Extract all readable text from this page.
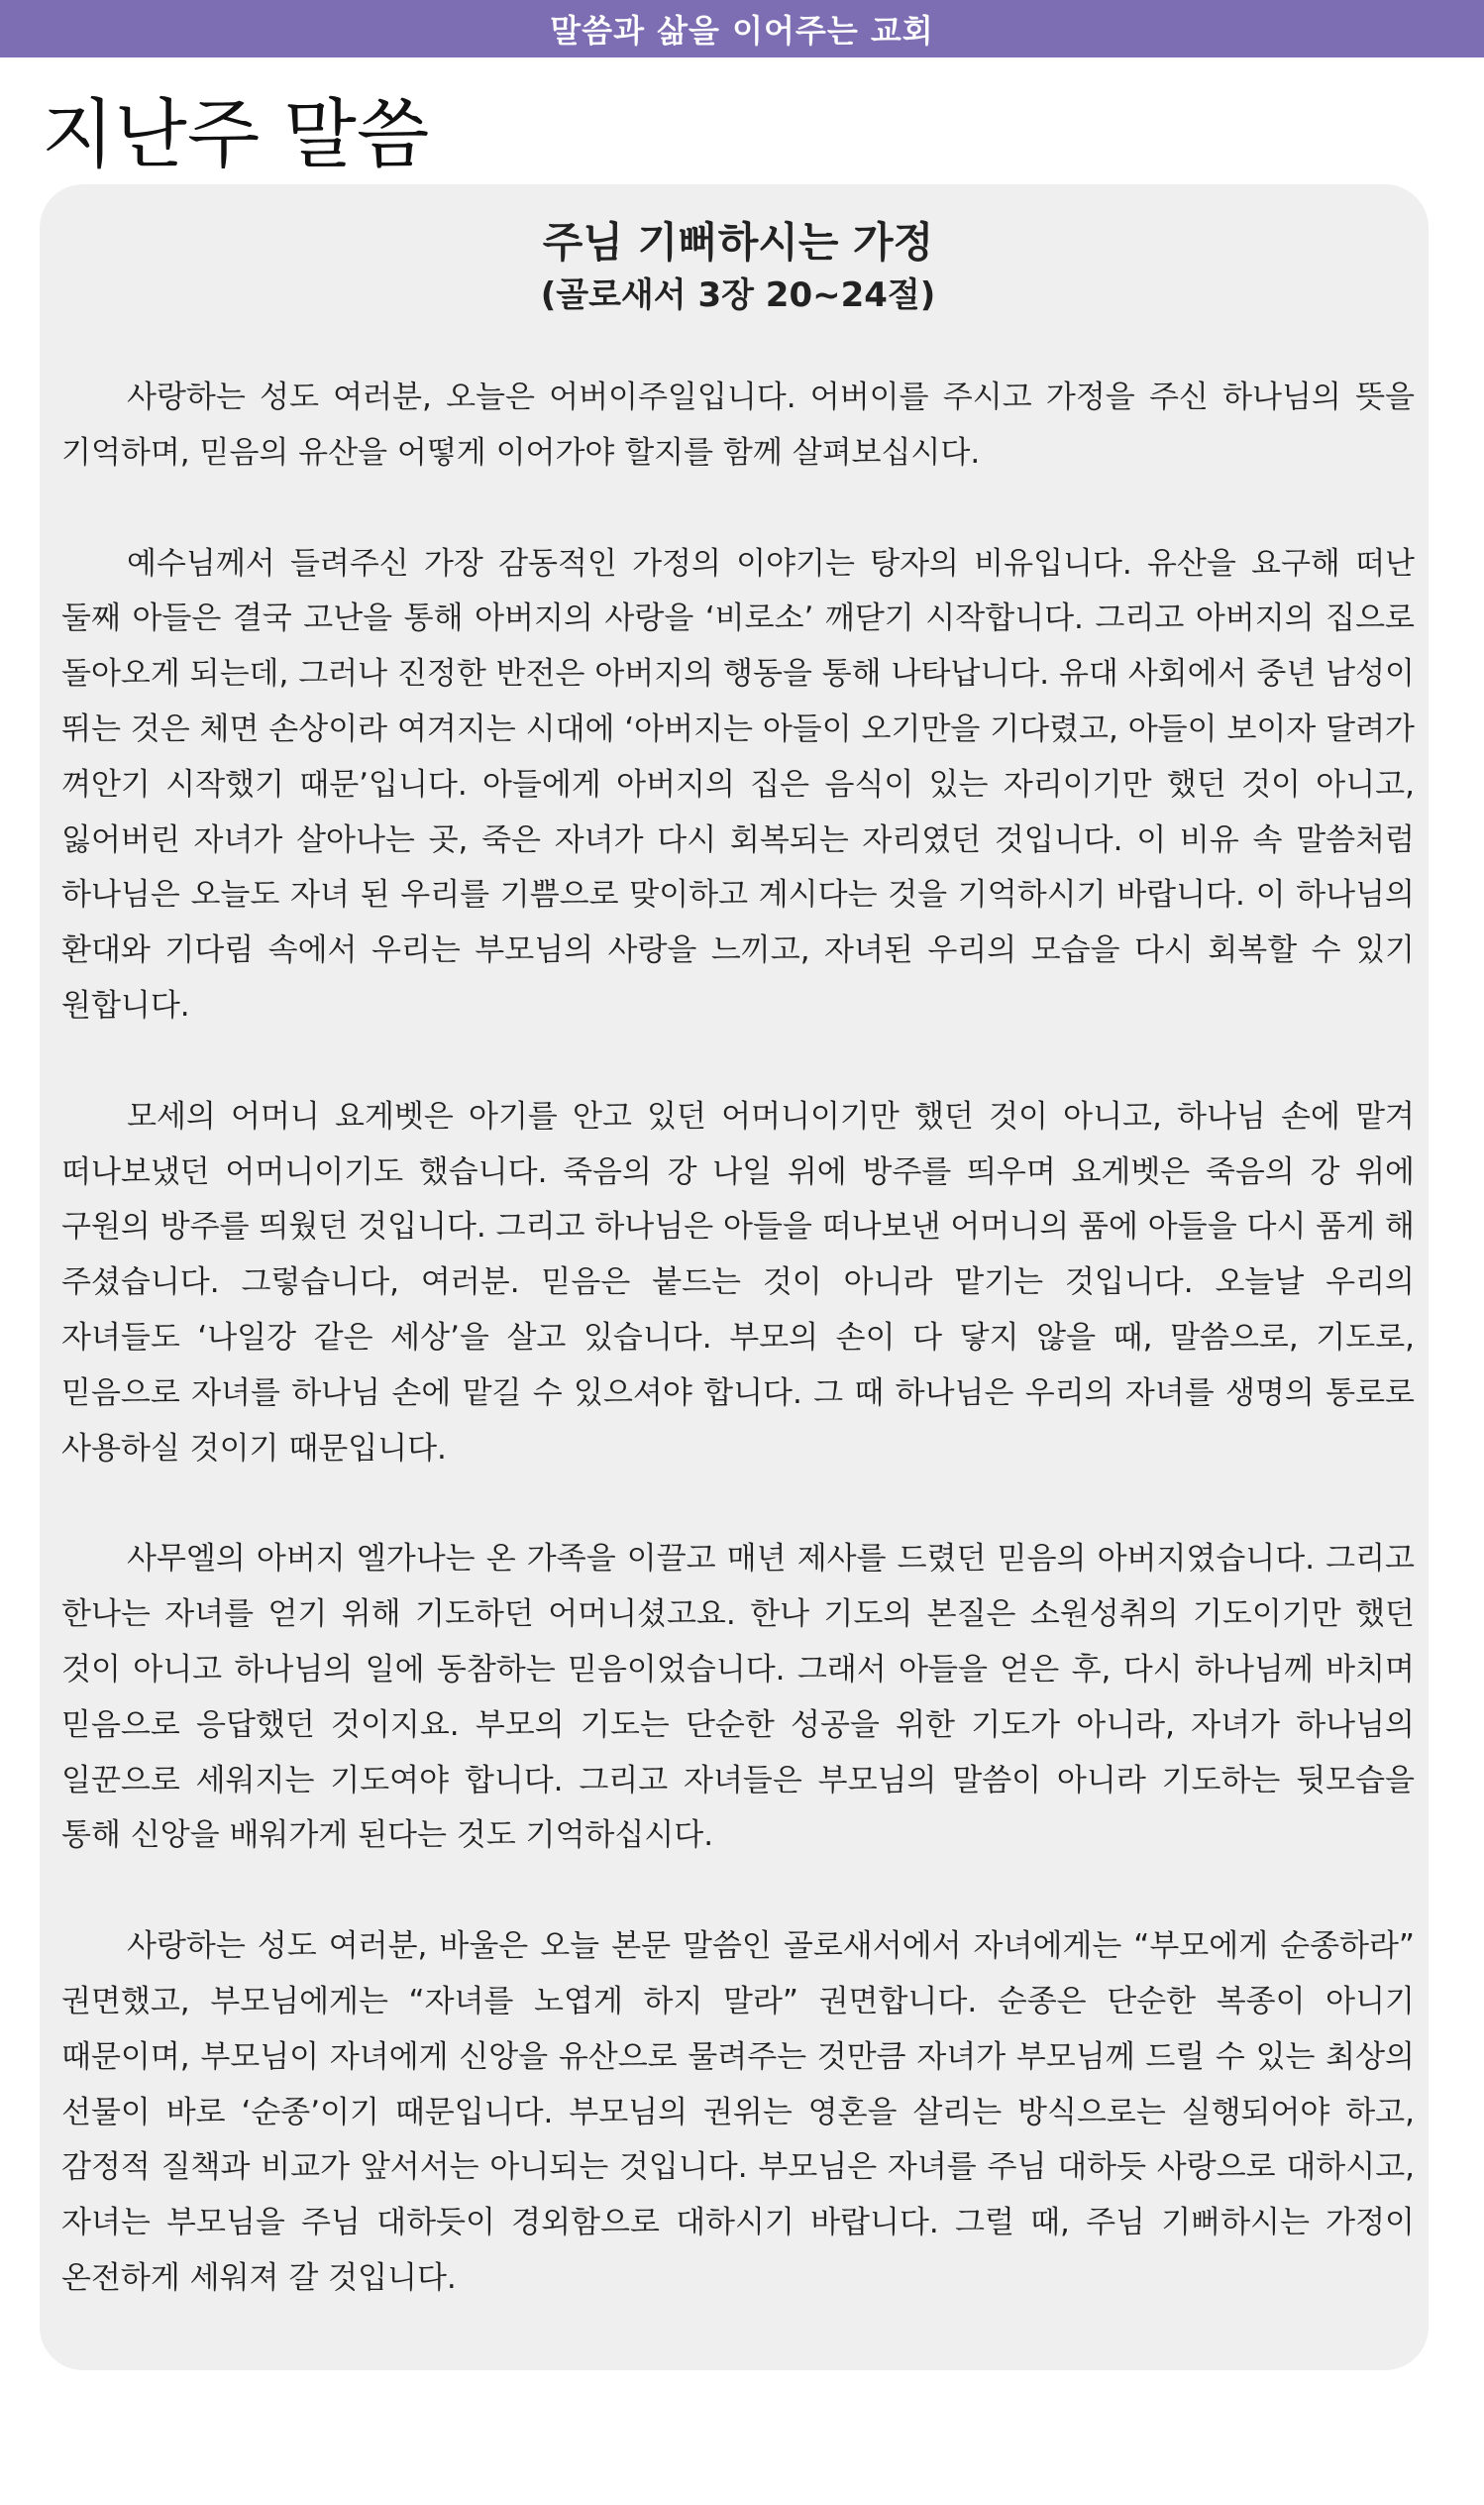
말씀과 삶을 이어주는 교회
지난주 말씀
주님 기뻐하시는 가정
(골로새서 3장 20~24절)

사랑하는 성도 여러분, 오늘은 어버이주일입니다. 어버이를 주시고 가정을 주신 하나님의 뜻을 기억하며, 믿음의 유산을 어떻게 이어가야 할지를 함께 살펴보십시다.

예수님께서 들려주신 가장 감동적인 가정의 이야기는 탕자의 비유입니다. 유산을 요구해 떠난 둘째 아들은 결국 고난을 통해 아버지의 사랑을 ‘비로소’ 깨닫기 시작합니다. 그리고 아버지의 집으로 돌아오게 되는데, 그러나 진정한 반전은 아버지의 행동을 통해 나타납니다. 유대 사회에서 중년 남성이 뛰는 것은 체면 손상이라 여겨지는 시대에 ‘아버지는 아들이 오기만을 기다렸고, 아들이 보이자 달려가 껴안기 시작했기 때문’입니다. 아들에게 아버지의 집은 음식이 있는 자리이기만 했던 것이 아니고, 잃어버린 자녀가 살아나는 곳, 죽은 자녀가 다시 회복되는 자리였던 것입니다. 이 비유 속 말씀처럼 하나님은 오늘도 자녀 된 우리를 기쁨으로 맞이하고 계시다는 것을 기억하시기 바랍니다. 이 하나님의 환대와 기다림 속에서 우리는 부모님의 사랑을 느끼고, 자녀된 우리의 모습을 다시 회복할 수 있기 원합니다.

모세의 어머니 요게벳은 아기를 안고 있던 어머니이기만 했던 것이 아니고, 하나님 손에 맡겨 떠나보냈던 어머니이기도 했습니다. 죽음의 강 나일 위에 방주를 띄우며 요게벳은 죽음의 강 위에 구원의 방주를 띄웠던 것입니다. 그리고 하나님은 아들을 떠나보낸 어머니의 품에 아들을 다시 품게 해 주셨습니다. 그렇습니다, 여러분. 믿음은 붙드는 것이 아니라 맡기는 것입니다. 오늘날 우리의 자녀들도 ‘나일강 같은 세상’을 살고 있습니다. 부모의 손이 다 닿지 않을 때, 말씀으로, 기도로, 믿음으로 자녀를 하나님 손에 맡길 수 있으셔야 합니다. 그 때 하나님은 우리의 자녀를 생명의 통로로 사용하실 것이기 때문입니다.

사무엘의 아버지 엘가나는 온 가족을 이끌고 매년 제사를 드렸던 믿음의 아버지였습니다. 그리고 한나는 자녀를 얻기 위해 기도하던 어머니셨고요. 한나 기도의 본질은 소원성취의 기도이기만 했던 것이 아니고 하나님의 일에 동참하는 믿음이었습니다. 그래서 아들을 얻은 후, 다시 하나님께 바치며 믿음으로 응답했던 것이지요. 부모의 기도는 단순한 성공을 위한 기도가 아니라, 자녀가 하나님의 일꾼으로 세워지는 기도여야 합니다. 그리고 자녀들은 부모님의 말씀이 아니라 기도하는 뒷모습을 통해 신앙을 배워가게 된다는 것도 기억하십시다.

사랑하는 성도 여러분, 바울은 오늘 본문 말씀인 골로새서에서 자녀에게는 “부모에게 순종하라” 권면했고, 부모님에게는 “자녀를 노엽게 하지 말라” 권면합니다. 순종은 단순한 복종이 아니기 때문이며, 부모님이 자녀에게 신앙을 유산으로 물려주는 것만큼 자녀가 부모님께 드릴 수 있는 최상의 선물이 바로 ‘순종’이기 때문입니다. 부모님의 권위는 영혼을 살리는 방식으로는 실행되어야 하고, 감정적 질책과 비교가 앞서서는 아니되는 것입니다. 부모님은 자녀를 주님 대하듯 사랑으로 대하시고, 자녀는 부모님을 주님 대하듯이 경외함으로 대하시기 바랍니다. 그럴 때, 주님 기뻐하시는 가정이 온전하게 세워져 갈 것입니다.
